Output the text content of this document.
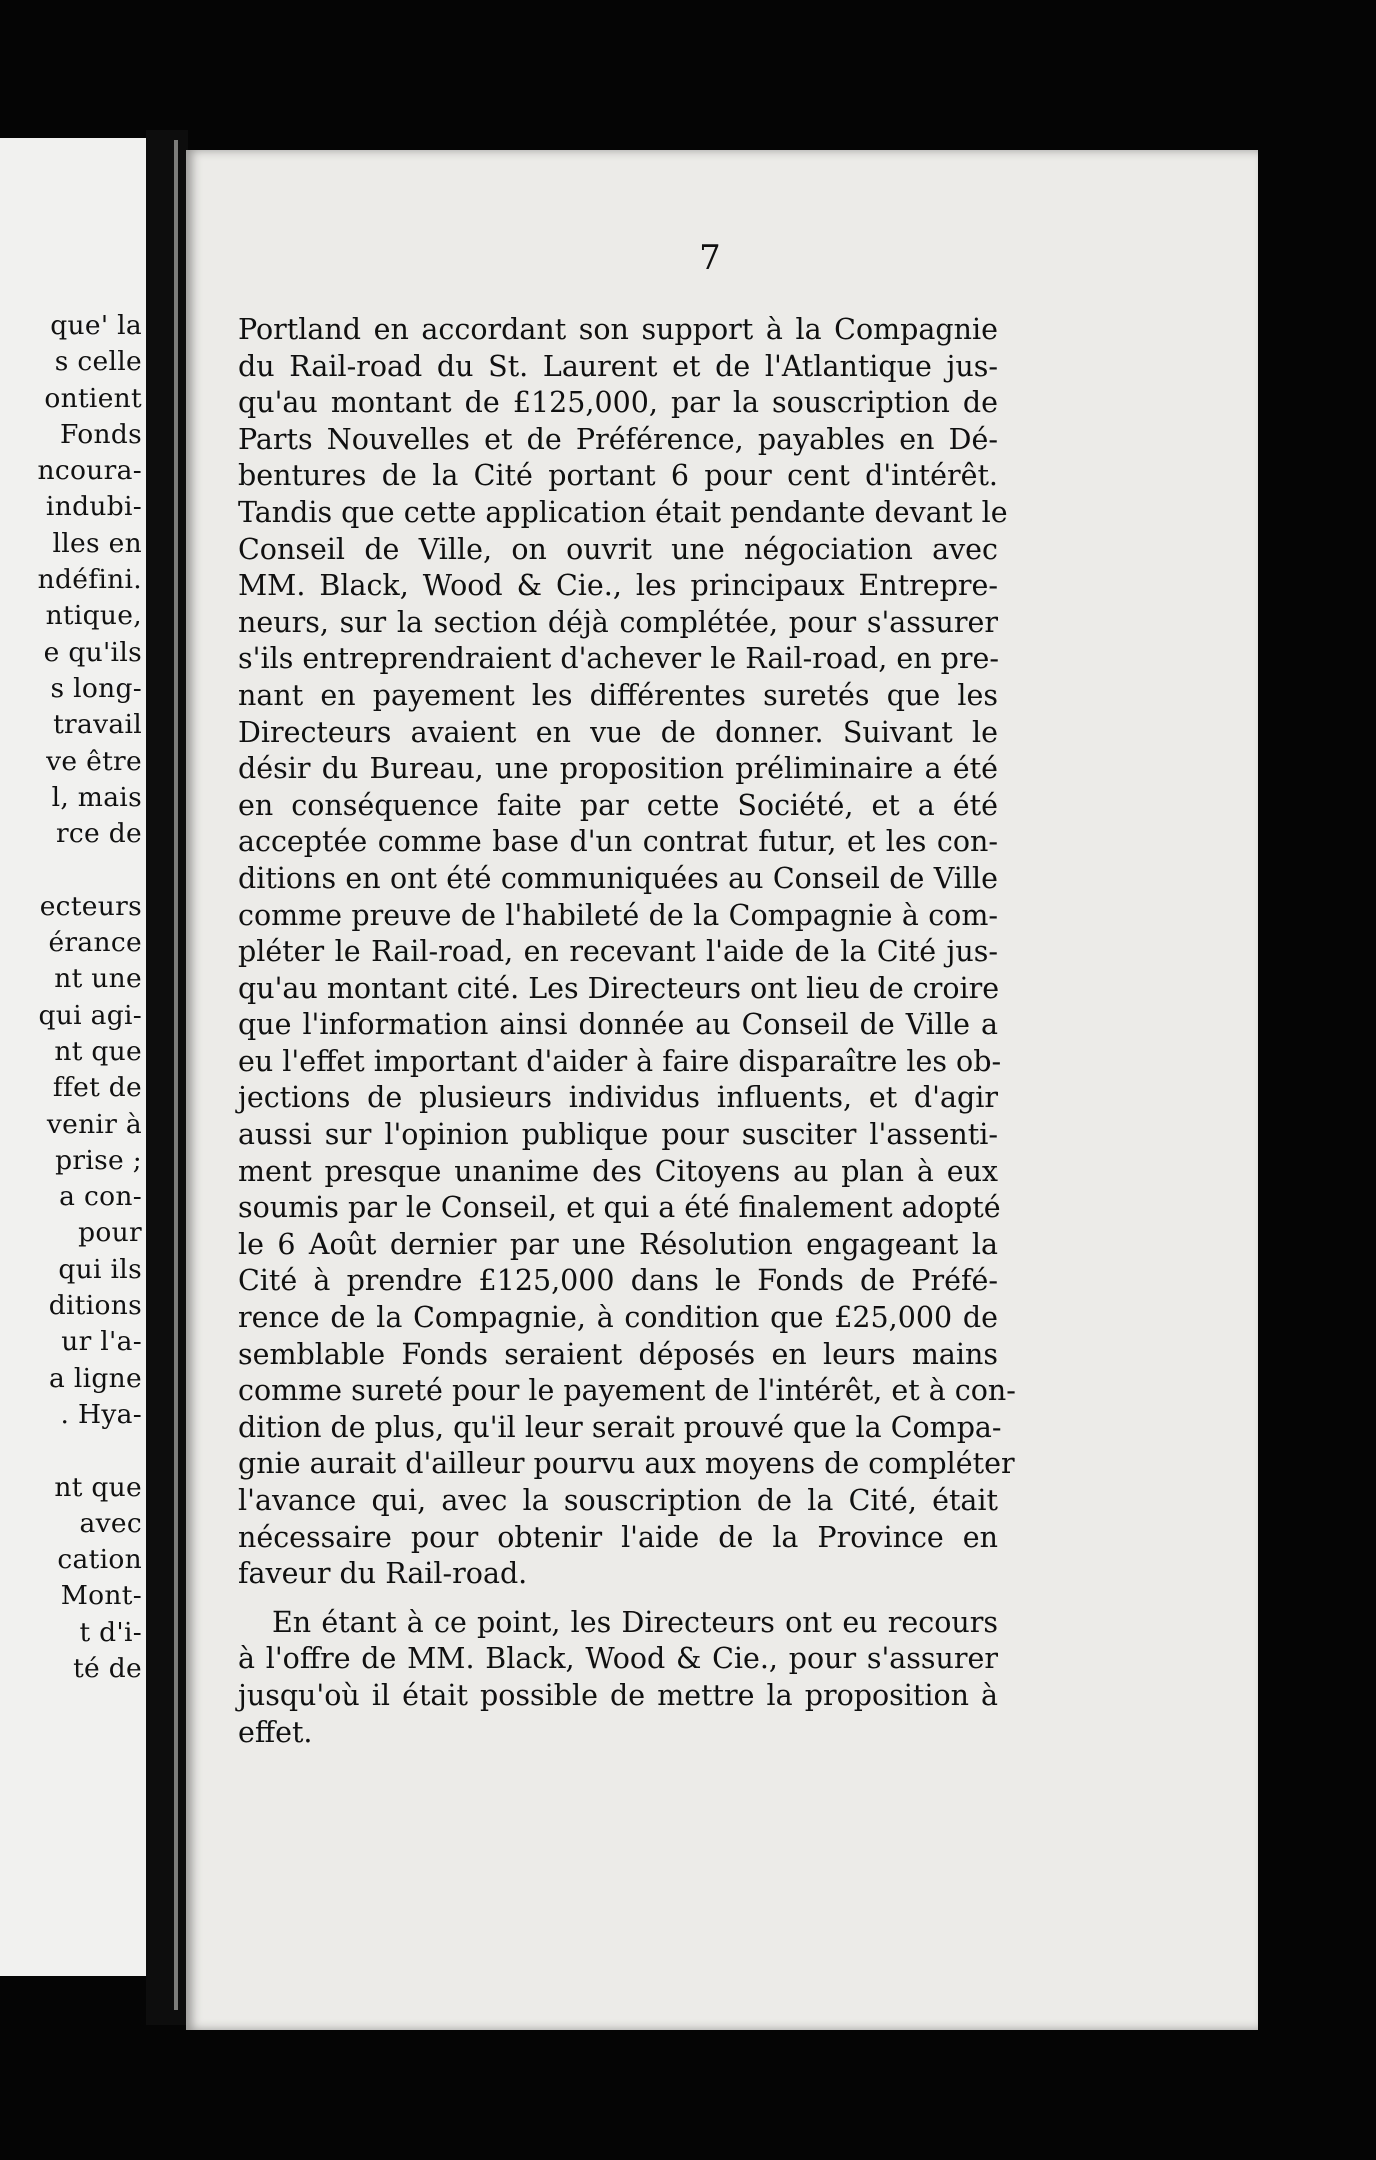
que' la
s celle
ontient
Fonds
ncoura-
indubi-
lles en
ndéfini.
ntique,
e qu'ils
s long-
travail
ve être
l, mais
rce de
ecteurs
érance
nt une
qui agi-
nt que
ffet de
venir à
prise ;
a con-
pour
qui ils
ditions
ur l'a-
a ligne
. Hya-
nt que
avec
cation
Mont-
t d'i-
té de
7
Portland en accordant son support à la Compagnie
du Rail-road du St. Laurent et de l'Atlantique jus-
qu'au montant de £125,000, par la souscription de
Parts Nouvelles et de Préférence, payables en Dé-
bentures de la Cité portant 6 pour cent d'intérêt.
Tandis que cette application était pendante devant le
Conseil de Ville, on ouvrit une négociation avec
MM. Black, Wood & Cie., les principaux Entrepre-
neurs, sur la section déjà complétée, pour s'assurer
s'ils entreprendraient d'achever le Rail-road, en pre-
nant en payement les différentes suretés que les
Directeurs avaient en vue de donner. Suivant le
désir du Bureau, une proposition préliminaire a été
en conséquence faite par cette Société, et a été
acceptée comme base d'un contrat futur, et les con-
ditions en ont été communiquées au Conseil de Ville
comme preuve de l'habileté de la Compagnie à com-
pléter le Rail-road, en recevant l'aide de la Cité jus-
qu'au montant cité. Les Directeurs ont lieu de croire
que l'information ainsi donnée au Conseil de Ville a
eu l'effet important d'aider à faire disparaître les ob-
jections de plusieurs individus influents, et d'agir
aussi sur l'opinion publique pour susciter l'assenti-
ment presque unanime des Citoyens au plan à eux
soumis par le Conseil, et qui a été finalement adopté
le 6 Août dernier par une Résolution engageant la
Cité à prendre £125,000 dans le Fonds de Préfé-
rence de la Compagnie, à condition que £25,000 de
semblable Fonds seraient déposés en leurs mains
comme sureté pour le payement de l'intérêt, et à con-
dition de plus, qu'il leur serait prouvé que la Compa-
gnie aurait d'ailleur pourvu aux moyens de compléter
l'avance qui, avec la souscription de la Cité, était
nécessaire pour obtenir l'aide de la Province en
faveur du Rail-road.
En étant à ce point, les Directeurs ont eu recours
à l'offre de MM. Black, Wood & Cie., pour s'assurer
jusqu'où il était possible de mettre la proposition à
effet.
